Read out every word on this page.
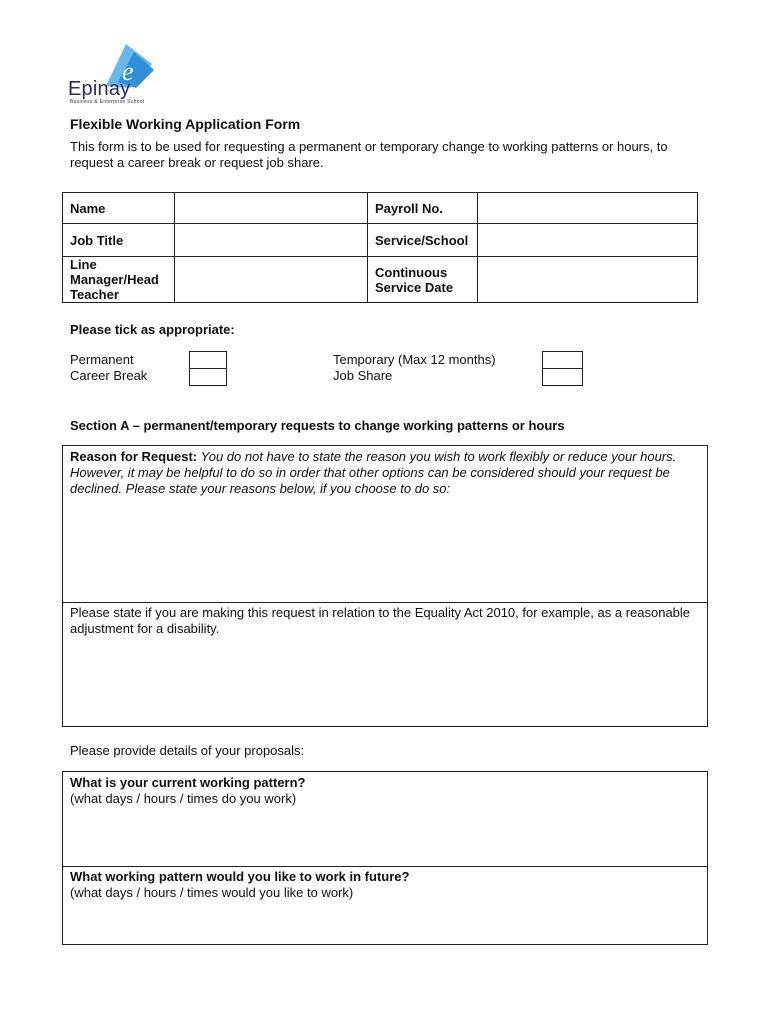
e
Epinay
Business & Enterprise School
Flexible Working Application Form
This form is to be used for requesting a permanent or temporary change to working patterns or hours, to request a career break or request job share.
Name		Payroll No.	
Job Title		Service/School	
Line Manager/Head Teacher		Continuous Service Date	
Please tick as appropriate:
Permanent
Career Break
Temporary (Max 12 months)
Job Share
Section A – permanent/temporary requests to change working patterns or hours
Reason for Request: You do not have to state the reason you wish to work flexibly or reduce your hours. However, it may be helpful to do so in order that other options can be considered should your request be declined. Please state your reasons below, if you choose to do so:
Please state if you are making this request in relation to the Equality Act 2010, for example, as a reasonable adjustment for a disability.
Please provide details of your proposals:
What is your current working pattern?
(what days / hours / times do you work)
What working pattern would you like to work in future?
(what days / hours / times would you like to work)
